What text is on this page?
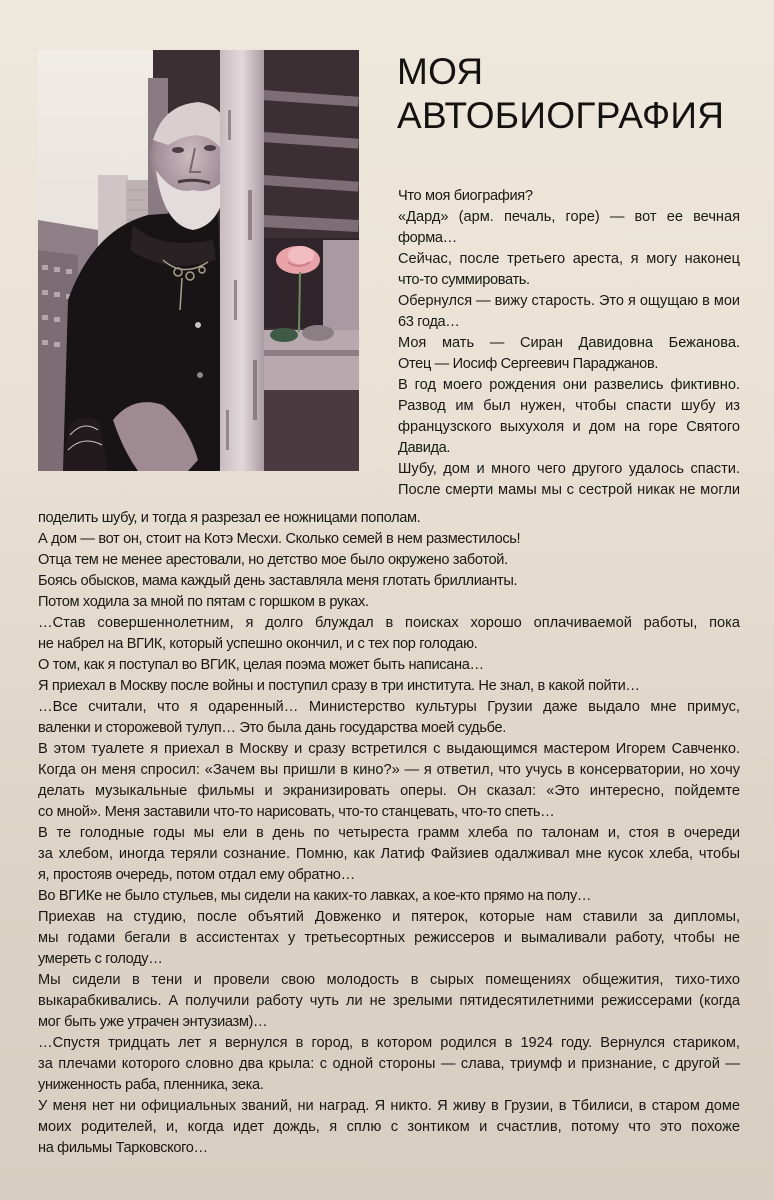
МОЯ
АВТОБИОГРАФИЯ
Что моя биография?
«Дард» (арм. печаль, горе) — вот ее вечная
форма…
Сейчас, после третьего ареста, я могу наконец
что-то суммировать.
Обернулся — вижу старость. Это я ощущаю в мои
63 года…
Моя мать — Сиран Давидовна Бежанова.
Отец — Иосиф Сергеевич Параджанов.
В год моего рождения они развелись фиктивно.
Развод им был нужен, чтобы спасти шубу из
французского выхухоля и дом на горе Святого
Давида.
Шубу, дом и много чего другого удалось спасти.
После смерти мамы мы с сестрой никак не могли
поделить шубу, и тогда я разрезал ее ножницами пополам.
А дом — вот он, стоит на Котэ Месхи. Сколько семей в нем разместилось!
Отца тем не менее арестовали, но детство мое было окружено заботой.
Боясь обысков, мама каждый день заставляла меня глотать бриллианты.
Потом ходила за мной по пятам с горшком в руках.
…Став совершеннолетним, я долго блуждал в поисках хорошо оплачиваемой работы, пока
не набрел на ВГИК, который успешно окончил, и с тех пор голодаю.
О том, как я поступал во ВГИК, целая поэма может быть написана…
Я приехал в Москву после войны и поступил сразу в три института. Не знал, в какой пойти…
…Все считали, что я одаренный… Министерство культуры Грузии даже выдало мне примус,
валенки и сторожевой тулуп… Это была дань государства моей судьбе.
В этом туалете я приехал в Москву и сразу встретился с выдающимся мастером Игорем Савченко.
Когда он меня спросил: «Зачем вы пришли в кино?» — я ответил, что учусь в консерватории, но хочу
делать музыкальные фильмы и экранизировать оперы. Он сказал: «Это интересно, пойдемте
со мной». Меня заставили что-то нарисовать, что-то станцевать, что-то спеть…
В те голодные годы мы ели в день по четыреста грамм хлеба по талонам и, стоя в очереди
за хлебом, иногда теряли сознание. Помню, как Латиф Файзиев одалживал мне кусок хлеба, чтобы
я, простояв очередь, потом отдал ему обратно…
Во ВГИКе не было стульев, мы сидели на каких-то лавках, а кое-кто прямо на полу…
Приехав на студию, после объятий Довженко и пятерок, которые нам ставили за дипломы,
мы годами бегали в ассистентах у третьесортных режиссеров и вымаливали работу, чтобы не
умереть с голоду…
Мы сидели в тени и провели свою молодость в сырых помещениях общежития, тихо-тихо
выкарабкивались. А получили работу чуть ли не зрелыми пятидесятилетними режиссерами (когда
мог быть уже утрачен энтузиазм)…
…Спустя тридцать лет я вернулся в город, в котором родился в 1924 году. Вернулся стариком,
за плечами которого словно два крыла: с одной стороны — слава, триумф и признание, с другой —
униженность раба, пленника, зека.
У меня нет ни официальных званий, ни наград. Я никто. Я живу в Грузии, в Тбилиси, в старом доме
моих родителей, и, когда идет дождь, я сплю с зонтиком и счастлив, потому что это похоже
на фильмы Тарковского…
